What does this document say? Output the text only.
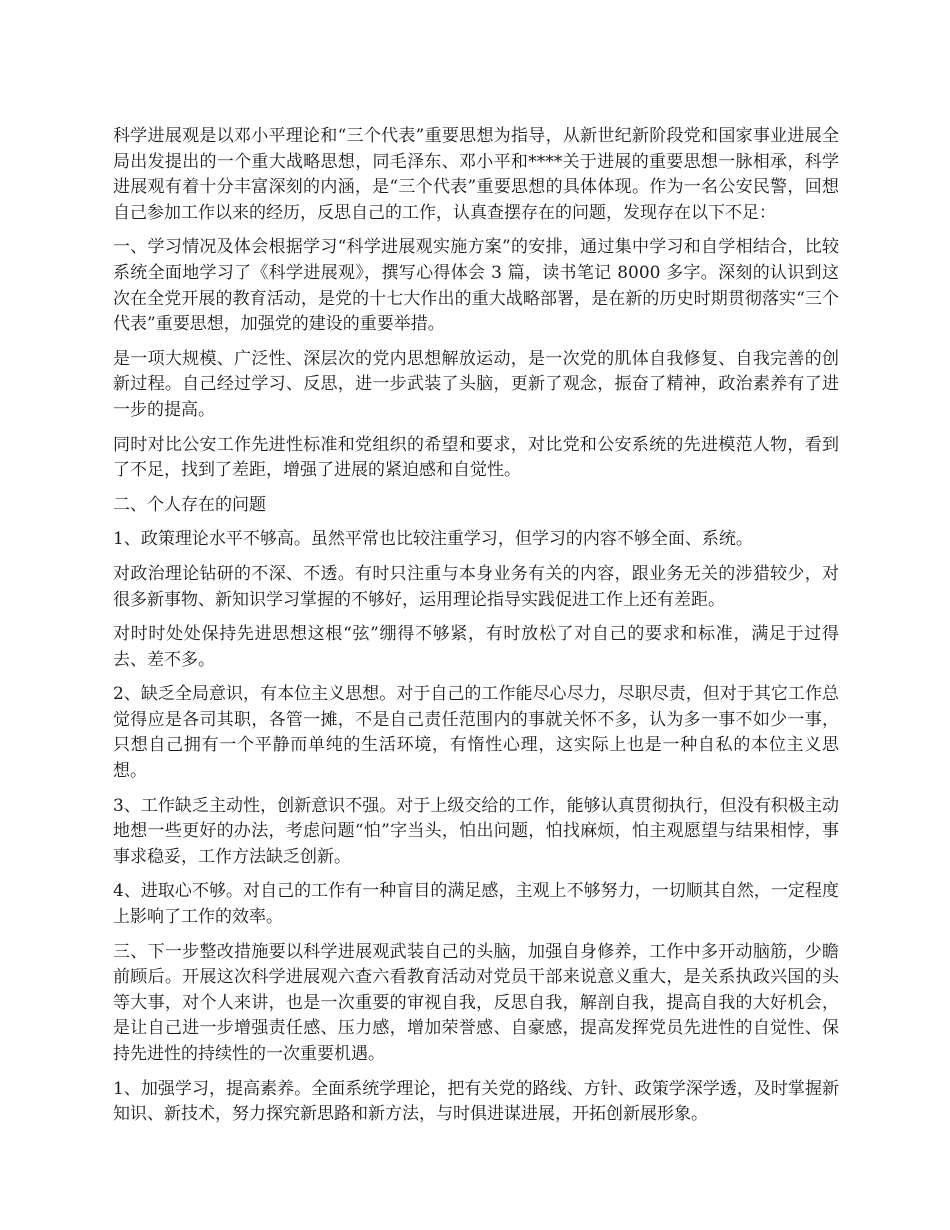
科学进展观是以邓小平理论和“三个代表”重要思想为指导，从新世纪新阶段党和国家事业进展全局出发提出的一个重大战略思想，同毛泽东、邓小平和****关于进展的重要思想一脉相承，科学进展观有着十分丰富深刻的内涵，是“三个代表”重要思想的具体体现。作为一名公安民警，回想自己参加工作以来的经历，反思自己的工作，认真查摆存在的问题，发现存在以下不足：

一、学习情况及体会根据学习“科学进展观实施方案”的安排，通过集中学习和自学相结合，比较系统全面地学习了《科学进展观》，撰写心得体会 3 篇，读书笔记 8000 多字。深刻的认识到这次在全党开展的教育活动，是党的十七大作出的重大战略部署，是在新的历史时期贯彻落实“三个代表”重要思想，加强党的建设的重要举措。

是一项大规模、广泛性、深层次的党内思想解放运动，是一次党的肌体自我修复、自我完善的创新过程。自己经过学习、反思，进一步武装了头脑，更新了观念，振奋了精神，政治素养有了进一步的提高。

同时对比公安工作先进性标准和党组织的希望和要求，对比党和公安系统的先进模范人物，看到了不足，找到了差距，增强了进展的紧迫感和自觉性。

二、个人存在的问题

1、政策理论水平不够高。虽然平常也比较注重学习，但学习的内容不够全面、系统。

对政治理论钻研的不深、不透。有时只注重与本身业务有关的内容，跟业务无关的涉猎较少，对很多新事物、新知识学习掌握的不够好，运用理论指导实践促进工作上还有差距。

对时时处处保持先进思想这根“弦”绷得不够紧，有时放松了对自己的要求和标准，满足于过得去、差不多。

2、缺乏全局意识，有本位主义思想。对于自己的工作能尽心尽力，尽职尽责，但对于其它工作总觉得应是各司其职，各管一摊，不是自己责任范围内的事就关怀不多，认为多一事不如少一事，只想自己拥有一个平静而单纯的生活环境，有惰性心理，这实际上也是一种自私的本位主义思想。

3、工作缺乏主动性，创新意识不强。对于上级交给的工作，能够认真贯彻执行，但没有积极主动地想一些更好的办法，考虑问题“怕”字当头，怕出问题，怕找麻烦，怕主观愿望与结果相悖，事事求稳妥，工作方法缺乏创新。

4、进取心不够。对自己的工作有一种盲目的满足感，主观上不够努力，一切顺其自然，一定程度上影响了工作的效率。

三、下一步整改措施要以科学进展观武装自己的头脑，加强自身修养，工作中多开动脑筋，少瞻前顾后。开展这次科学进展观六查六看教育活动对党员干部来说意义重大，是关系执政兴国的头等大事，对个人来讲，也是一次重要的审视自我，反思自我，解剖自我，提高自我的大好机会，是让自己进一步增强责任感、压力感，增加荣誉感、自豪感，提高发挥党员先进性的自觉性、保持先进性的持续性的一次重要机遇。

1、加强学习，提高素养。全面系统学理论，把有关党的路线、方针、政策学深学透，及时掌握新知识、新技术，努力探究新思路和新方法，与时俱进谋进展，开拓创新展形象。
